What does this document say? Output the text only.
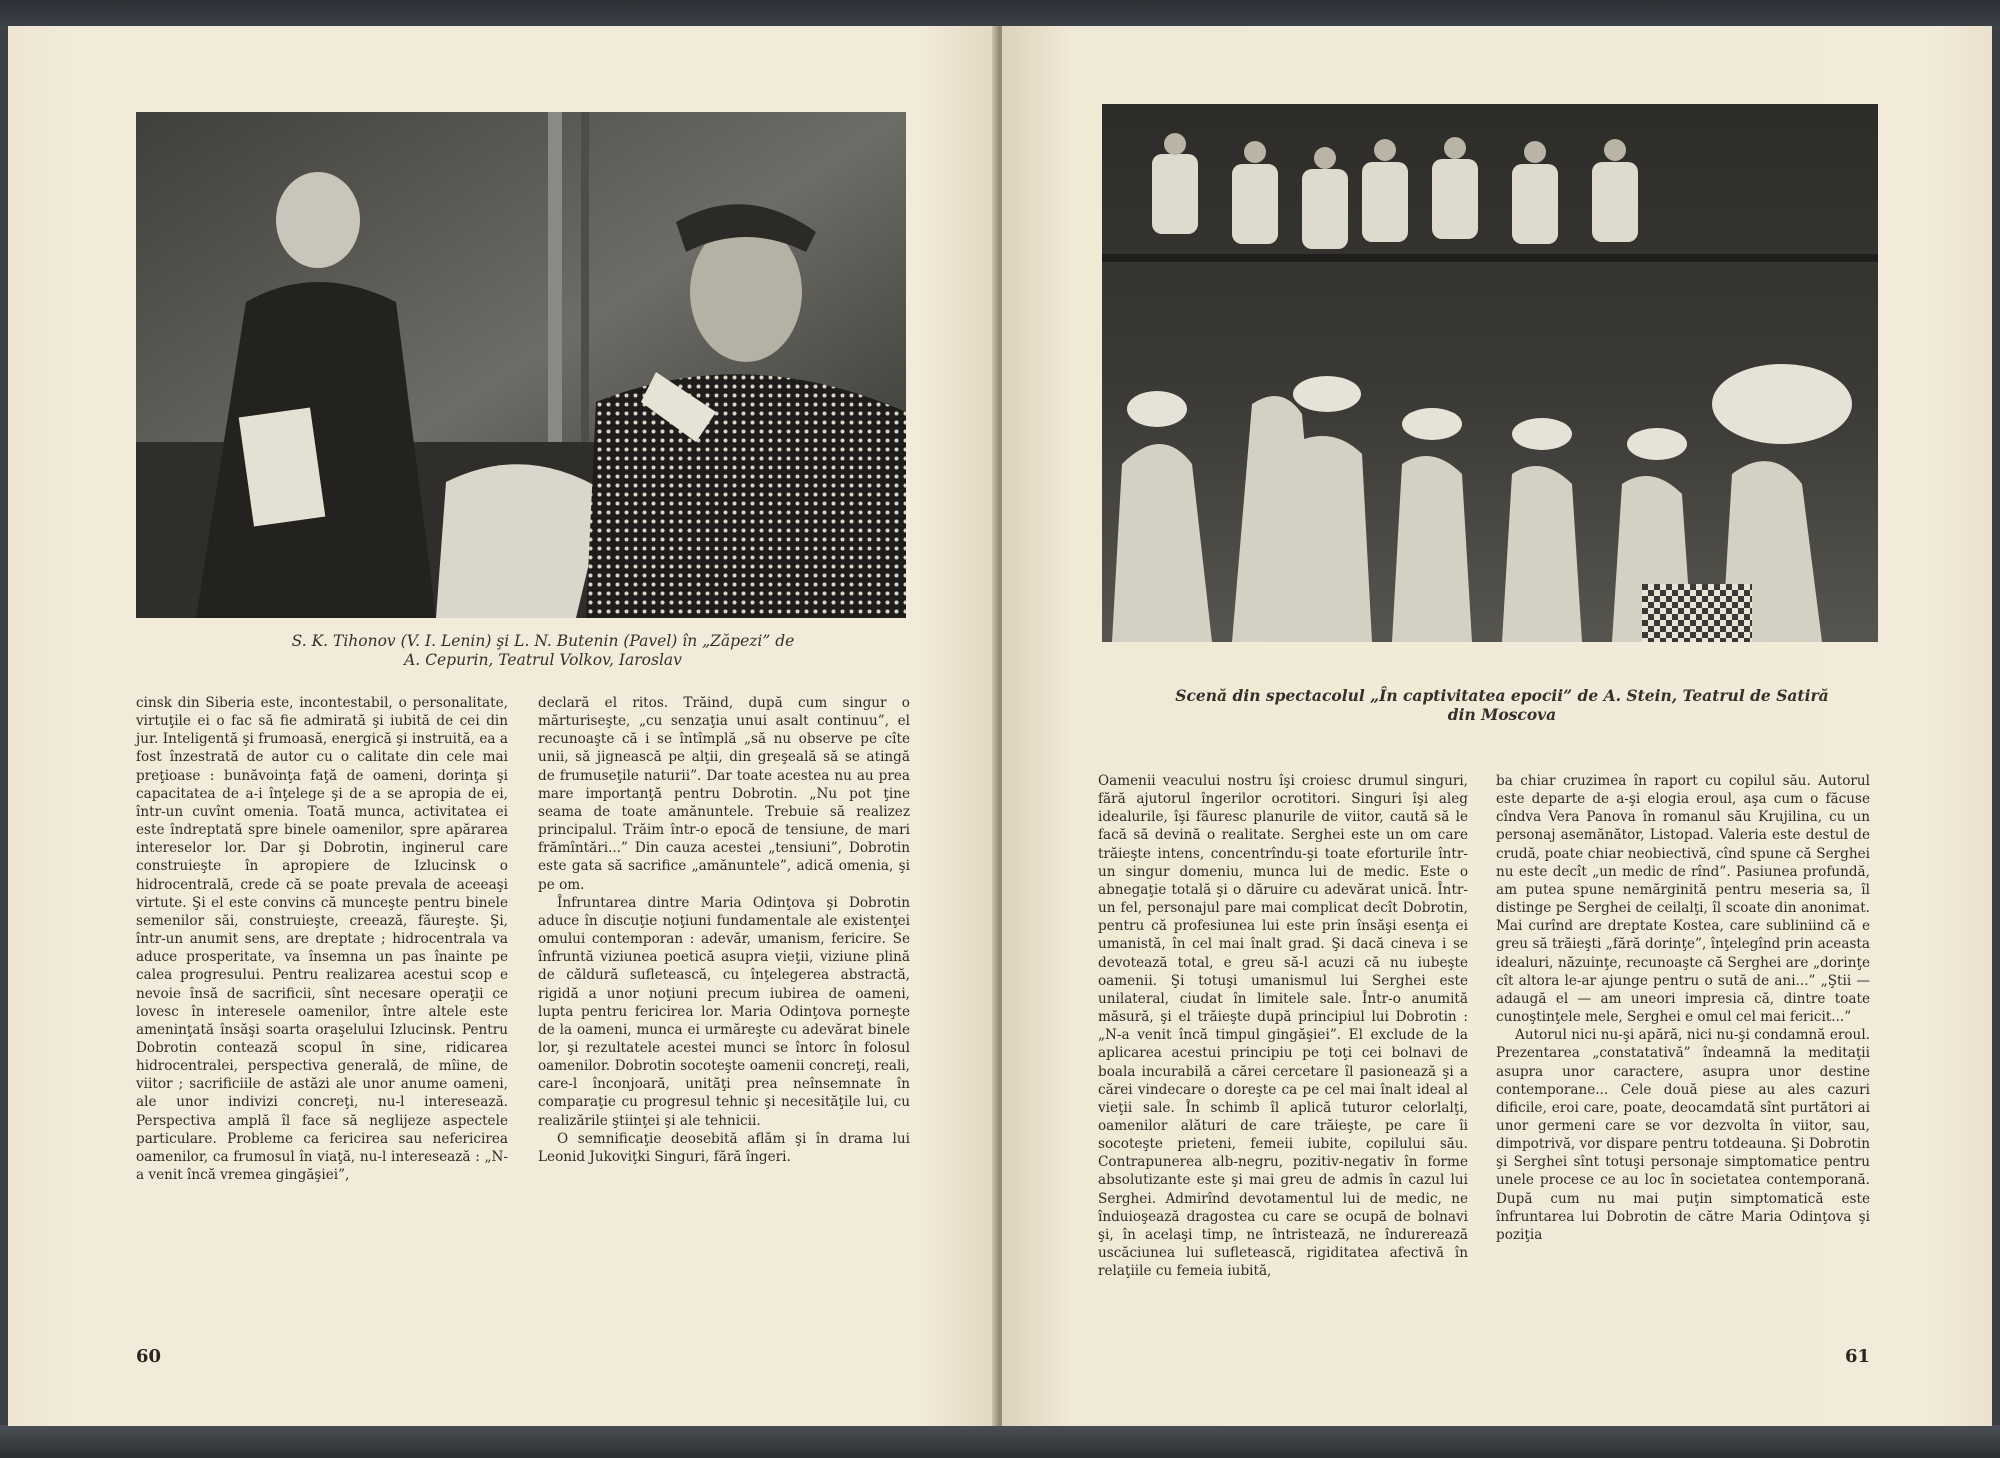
S. K. Tihonov (V. I. Lenin) şi L. N. Butenin (Pavel) în „Zăpezi” de
A. Cepurin, Teatrul Volkov, Iaroslav

cinsk din Siberia este, incontestabil, o personalitate, virtuţile ei o fac să fie admirată şi iubită de cei din jur. Inteligentă şi frumoasă, energică şi instruită, ea a fost înzestrată de autor cu o calitate din cele mai preţioase : bunăvoinţa faţă de oameni, dorinţa şi capacitatea de a-i înţelege şi de a se apropia de ei, într-un cuvînt omenia. Toată munca, activitatea ei este îndreptată spre binele oamenilor, spre apărarea intereselor lor. Dar şi Dobrotin, inginerul care construieşte în apropiere de Izlucinsk o hidrocentrală, crede că se poate prevala de aceeaşi virtute. Şi el este convins că munceşte pentru binele semenilor săi, construieşte, creează, făureşte. Şi, într-un anumit sens, are dreptate ; hidrocentrala va aduce prosperitate, va însemna un pas înainte pe calea progresului. Pentru realizarea acestui scop e nevoie însă de sacrificii, sînt necesare operaţii ce lovesc în interesele oamenilor, între altele este ameninţată însăşi soarta oraşelului Izlucinsk. Pentru Dobrotin contează scopul în sine, ridicarea hidrocentralei, perspectiva generală, de mîine, de viitor ; sacrificiile de astăzi ale unor anume oameni, ale unor indivizi concreţi, nu-l interesează. Perspectiva amplă îl face să neglijeze aspectele particulare. Probleme ca fericirea sau nefericirea oamenilor, ca frumosul în viaţă, nu-l interesează : „N-a venit încă vremea gingăşiei”,

declară el ritos. Trăind, după cum singur o mărturiseşte, „cu senzaţia unui asalt continuu”, el recunoaşte că i se întîmplă „să nu observe pe cîte unii, să jignească pe alţii, din greşeală să se atingă de frumuseţile naturii”. Dar toate acestea nu au prea mare importanţă pentru Dobrotin. „Nu pot ţine seama de toate amănuntele. Trebuie să realizez principalul. Trăim într-o epocă de tensiune, de mari frămîntări...” Din cauza acestei „tensiuni”, Dobrotin este gata să sacrifice „amănuntele”, adică omenia, şi pe om.

Înfruntarea dintre Maria Odinţova şi Dobrotin aduce în discuţie noţiuni fundamentale ale existenţei omului contemporan : adevăr, umanism, fericire. Se înfruntă viziunea poetică asupra vieţii, viziune plină de căldură sufletească, cu înţelegerea abstractă, rigidă a unor noţiuni precum iubirea de oameni, lupta pentru fericirea lor. Maria Odinţova porneşte de la oameni, munca ei urmăreşte cu adevărat binele lor, şi rezultatele acestei munci se întorc în folosul oamenilor. Dobrotin socoteşte oamenii concreţi, reali, care-l înconjoară, unităţi prea neînsemnate în comparaţie cu progresul tehnic şi necesităţile lui, cu realizările ştiinţei şi ale tehnicii.

O semnificaţie deosebită aflăm şi în drama lui Leonid Jukoviţki Singuri, fără îngeri.

60
Scenă din spectacolul „În captivitatea epocii” de A. Stein, Teatrul de Satiră
din Moscova

Oamenii veacului nostru îşi croiesc drumul singuri, fără ajutorul îngerilor ocrotitori. Singuri îşi aleg idealurile, îşi făuresc planurile de viitor, caută să le facă să devină o realitate. Serghei este un om care trăieşte intens, concentrîndu-şi toate eforturile într-un singur domeniu, munca lui de medic. Este o abnegaţie totală şi o dăruire cu adevărat unică. Într-un fel, personajul pare mai complicat decît Dobrotin, pentru că profesiunea lui este prin însăşi esenţa ei umanistă, în cel mai înalt grad. Şi dacă cineva i se devotează total, e greu să-l acuzi că nu iubeşte oamenii. Şi totuşi umanismul lui Serghei este unilateral, ciudat în limitele sale. Într-o anumită măsură, şi el trăieşte după principiul lui Dobrotin : „N-a venit încă timpul gingăşiei”. El exclude de la aplicarea acestui principiu pe toţi cei bolnavi de boala incurabilă a cărei cercetare îl pasionează şi a cărei vindecare o doreşte ca pe cel mai înalt ideal al vieţii sale. În schimb îl aplică tuturor celorlalţi, oamenilor alături de care trăieşte, pe care îi socoteşte prieteni, femeii iubite, copilului său. Contrapunerea alb-negru, pozitiv-negativ în forme absolutizante este şi mai greu de admis în cazul lui Serghei. Admirînd devotamentul lui de medic, ne înduioşează dragostea cu care se ocupă de bolnavi şi, în acelaşi timp, ne întristează, ne îndurerează uscăciunea lui sufletească, rigiditatea afectivă în relaţiile cu femeia iubită,

ba chiar cruzimea în raport cu copilul său. Autorul este departe de a-şi elogia eroul, aşa cum o făcuse cîndva Vera Panova în romanul său Krujilina, cu un personaj asemănător, Listopad. Valeria este destul de crudă, poate chiar neobiectivă, cînd spune că Serghei nu este decît „un medic de rînd”. Pasiunea profundă, am putea spune nemărginită pentru meseria sa, îl distinge pe Serghei de ceilalţi, îl scoate din anonimat. Mai curînd are dreptate Kostea, care subliniind că e greu să trăieşti „fără dorinţe”, înţelegînd prin aceasta idealuri, năzuinţe, recunoaşte că Serghei are „dorinţe cît altora le-ar ajunge pentru o sută de ani...” „Ştii — adaugă el — am uneori impresia că, dintre toate cunoştinţele mele, Serghei e omul cel mai fericit...”

Autorul nici nu-şi apără, nici nu-şi condamnă eroul. Prezentarea „constatativă” îndeamnă la meditaţii asupra unor caractere, asupra unor destine contemporane... Cele două piese au ales cazuri dificile, eroi care, poate, deocamdată sînt purtători ai unor germeni care se vor dezvolta în viitor, sau, dimpotrivă, vor dispare pentru totdeauna. Şi Dobrotin şi Serghei sînt totuşi personaje simptomatice pentru unele procese ce au loc în societatea contemporană. După cum nu mai puţin simptomatică este înfruntarea lui Dobrotin de către Maria Odinţova şi poziţia

61
